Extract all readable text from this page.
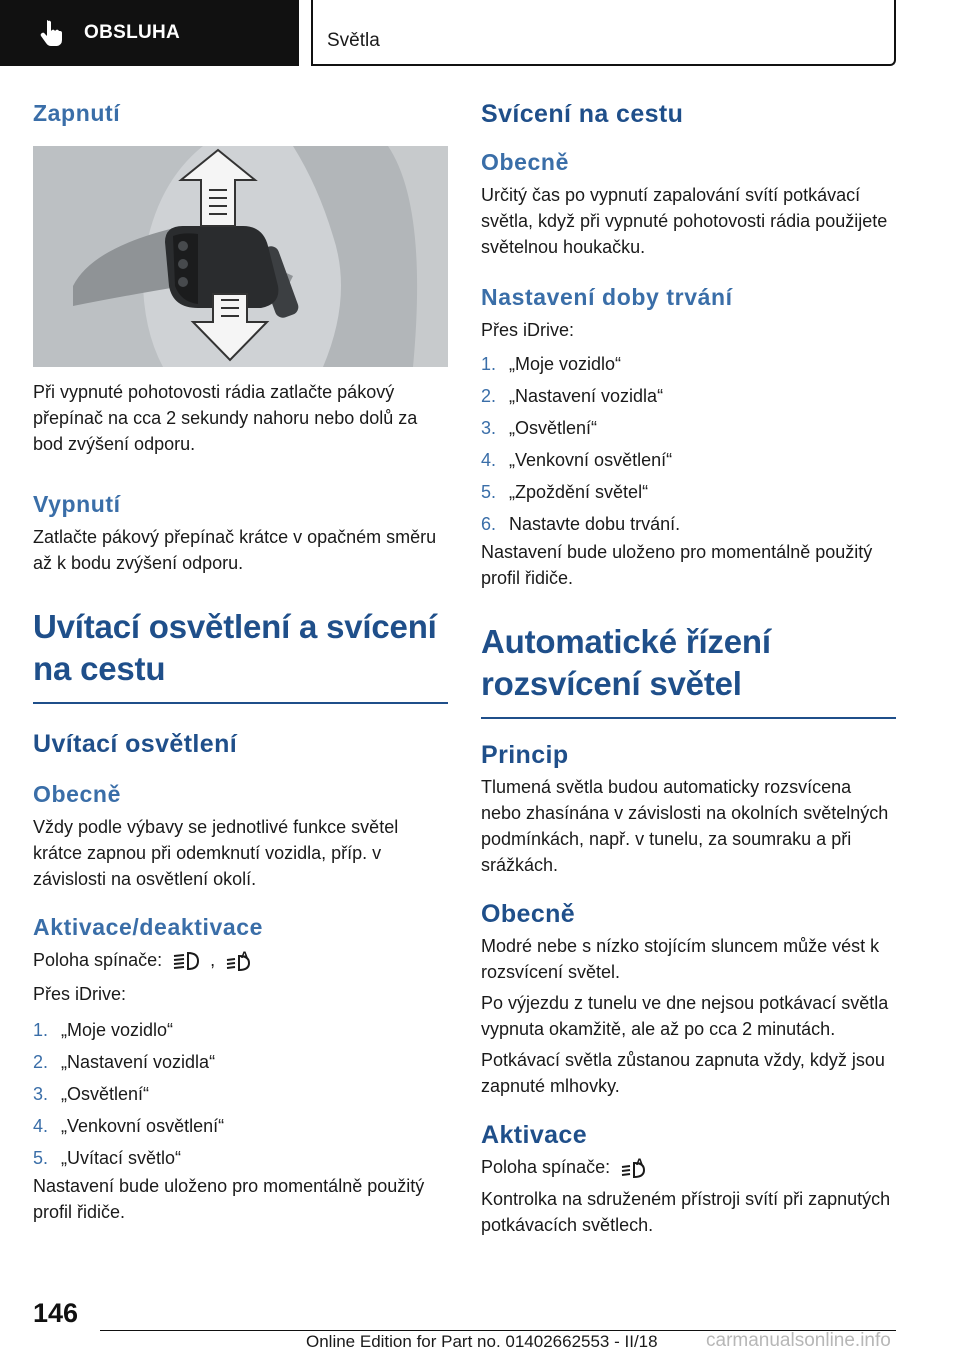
OBSLUHA	Světla
Zapnutí
Při vypnuté pohotovosti rádia zatlačte pákový přepínač na cca 2 sekundy nahoru nebo dolů za bod zvýšení odporu.
Vypnutí
Zatlačte pákový přepínač krátce v opačném směru až k bodu zvýšení odporu.
Uvítací osvětlení a svícení
na cestu
Uvítací osvětlení
Obecně
Vždy podle výbavy se jednotlivé funkce světel krátce zapnou při odemknutí vozidla, příp. v závislosti na osvětlení okolí.
Aktivace/deaktivace
Poloha spínače:	,	A
Přes iDrive:
1. „Moje vozidlo“
2. „Nastavení vozidla“
3. „Osvětlení“
4. „Venkovní osvětlení“
5. „Uvítací světlo“
Nastavení bude uloženo pro momentálně použitý profil řidiče.
Svícení na cestu
Obecně
Určitý čas po vypnutí zapalování svítí potkávací světla, když při vypnuté pohotovosti rádia použijete světelnou houkačku.
Nastavení doby trvání
Přes iDrive:
1. „Moje vozidlo“
2. „Nastavení vozidla“
3. „Osvětlení“
4. „Venkovní osvětlení“
5. „Zpoždění světel“
6. Nastavte dobu trvání.
Nastavení bude uloženo pro momentálně použitý profil řidiče.
Automatické řízení
rozsvícení světel
Princip
Tlumená světla budou automaticky rozsvícena nebo zhasínána v závislosti na okolních světelných podmínkách, např. v tunelu, za soumraku a při srážkách.
Obecně
Modré nebe s nízko stojícím sluncem může vést k rozsvícení světel.
Po výjezdu z tunelu ve dne nejsou potkávací světla vypnuta okamžitě, ale až po cca 2 minutách.
Potkávací světla zůstanou zapnuta vždy, když jsou zapnuté mlhovky.
Aktivace
Poloha spínače:	A
Kontrolka na sdruženém přístroji svítí při zapnutých potkávacích světlech.
146
Online Edition for Part no. 01402662553 - II/18	carmanualsonline.info
